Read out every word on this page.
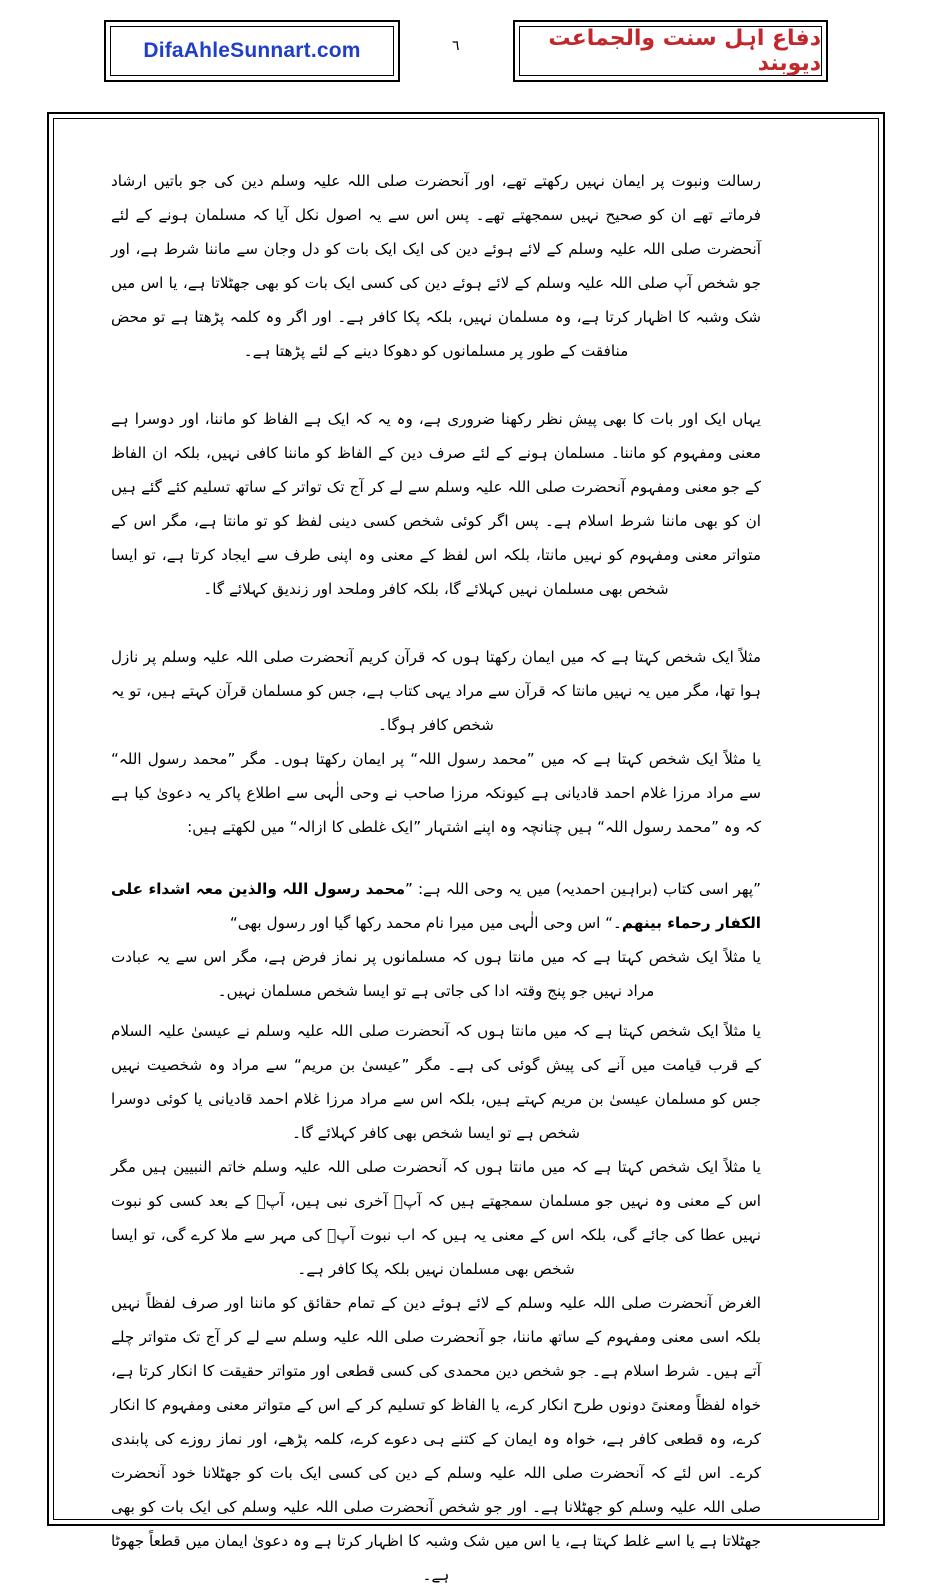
DifaAhleSunnart.com	٦	دفاع اہل سنت والجماعت دیوبند

رسالت ونبوت پر ایمان نہیں رکھتے تھے، اور آنحضرت صلی اللہ علیہ وسلم دین کی جو باتیں ارشاد فرماتے تھے ان کو صحیح نہیں سمجھتے تھے۔ پس اس سے یہ اصول نکل آیا کہ مسلمان ہونے کے لئے آنحضرت صلی اللہ علیہ وسلم کے لائے ہوئے دین کی ایک ایک بات کو دل وجان سے ماننا شرط ہے، اور جو شخص آپ صلی اللہ علیہ وسلم کے لائے ہوئے دین کی کسی ایک بات کو بھی جھٹلاتا ہے، یا اس میں شک وشبہ کا اظہار کرتا ہے، وہ مسلمان نہیں، بلکہ پکا کافر ہے۔ اور اگر وہ کلمہ پڑھتا ہے تو محض منافقت کے طور پر مسلمانوں کو دھوکا دینے کے لئے پڑھتا ہے۔

یہاں ایک اور بات کا بھی پیش نظر رکھنا ضروری ہے، وہ یہ کہ ایک ہے الفاظ کو ماننا، اور دوسرا ہے معنی ومفہوم کو ماننا۔ مسلمان ہونے کے لئے صرف دین کے الفاظ کو ماننا کافی نہیں، بلکہ ان الفاظ کے جو معنی ومفہوم آنحضرت صلی اللہ علیہ وسلم سے لے کر آج تک تواتر کے ساتھ تسلیم کئے گئے ہیں ان کو بھی ماننا شرط اسلام ہے۔ پس اگر کوئی شخص کسی دینی لفظ کو تو مانتا ہے، مگر اس کے متواتر معنی ومفہوم کو نہیں مانتا، بلکہ اس لفظ کے معنی وہ اپنی طرف سے ایجاد کرتا ہے، تو ایسا شخص بھی مسلمان نہیں کہلائے گا، بلکہ کافر وملحد اور زندیق کہلائے گا۔

مثلاً ایک شخص کہتا ہے کہ میں ایمان رکھتا ہوں کہ قرآن کریم آنحضرت صلی اللہ علیہ وسلم پر نازل ہوا تھا، مگر میں یہ نہیں مانتا کہ قرآن سے مراد یہی کتاب ہے، جس کو مسلمان قرآن کہتے ہیں، تو یہ شخص کافر ہوگا۔

یا مثلاً ایک شخص کہتا ہے کہ میں ”محمد رسول اللہ“ پر ایمان رکھتا ہوں۔ مگر ”محمد رسول اللہ“ سے مراد مرزا غلام احمد قادیانی ہے کیونکہ مرزا صاحب نے وحی الٰہی سے اطلاع پاکر یہ دعویٰ کیا ہے کہ وہ ”محمد رسول اللہ“ ہیں چنانچہ وہ اپنے اشتہار ”ایک غلطی کا ازالہ“ میں لکھتے ہیں:

”پھر اسی کتاب (براہین احمدیہ) میں یہ وحی اللہ ہے: ”محمد رسول اللہ والذین معہ اشداء علی الکفار رحماء بینھم۔“ اس وحی الٰہی میں میرا نام محمد رکھا گیا اور رسول بھی“

یا مثلاً ایک شخص کہتا ہے کہ میں مانتا ہوں کہ مسلمانوں پر نماز فرض ہے، مگر اس سے یہ عبادت مراد نہیں جو پنج وقتہ ادا کی جاتی ہے تو ایسا شخص مسلمان نہیں۔

یا مثلاً ایک شخص کہتا ہے کہ میں مانتا ہوں کہ آنحضرت صلی اللہ علیہ وسلم نے عیسیٰ علیہ السلام کے قرب قیامت میں آنے کی پیش گوئی کی ہے۔ مگر ”عیسیٰ بن مریم“ سے مراد وہ شخصیت نہیں جس کو مسلمان عیسیٰ بن مریم کہتے ہیں، بلکہ اس سے مراد مرزا غلام احمد قادیانی یا کوئی دوسرا شخص ہے تو ایسا شخص بھی کافر کہلائے گا۔

یا مثلاً ایک شخص کہتا ہے کہ میں مانتا ہوں کہ آنحضرت صلی اللہ علیہ وسلم خاتم النبیین ہیں مگر اس کے معنی وہ نہیں جو مسلمان سمجھتے ہیں کہ آپؐ آخری نبی ہیں، آپؐ کے بعد کسی کو نبوت نہیں عطا کی جائے گی، بلکہ اس کے معنی یہ ہیں کہ اب نبوت آپؐ کی مہر سے ملا کرے گی، تو ایسا شخص بھی مسلمان نہیں بلکہ پکا کافر ہے۔

الغرض آنحضرت صلی اللہ علیہ وسلم کے لائے ہوئے دین کے تمام حقائق کو ماننا اور صرف لفظاً نہیں بلکہ اسی معنی ومفہوم کے ساتھ ماننا، جو آنحضرت صلی اللہ علیہ وسلم سے لے کر آج تک متواتر چلے آتے ہیں۔ شرط اسلام ہے۔ جو شخص دین محمدی کی کسی قطعی اور متواتر حقیقت کا انکار کرتا ہے، خواہ لفظاً ومعنیً دونوں طرح انکار کرے، یا الفاظ کو تسلیم کر کے اس کے متواتر معنی ومفہوم کا انکار کرے، وہ قطعی کافر ہے، خواہ وہ ایمان کے کتنے ہی دعوے کرے، کلمہ پڑھے، اور نماز روزے کی پابندی کرے۔ اس لئے کہ آنحضرت صلی اللہ علیہ وسلم کے دین کی کسی ایک بات کو جھٹلانا خود آنحضرت صلی اللہ علیہ وسلم کو جھٹلانا ہے۔ اور جو شخص آنحضرت صلی اللہ علیہ وسلم کی ایک بات کو بھی جھٹلاتا ہے یا اسے غلط کہتا ہے، یا اس میں شک وشبہ کا اظہار کرتا ہے وہ دعویٰ ایمان میں قطعاً جھوٹا ہے۔
